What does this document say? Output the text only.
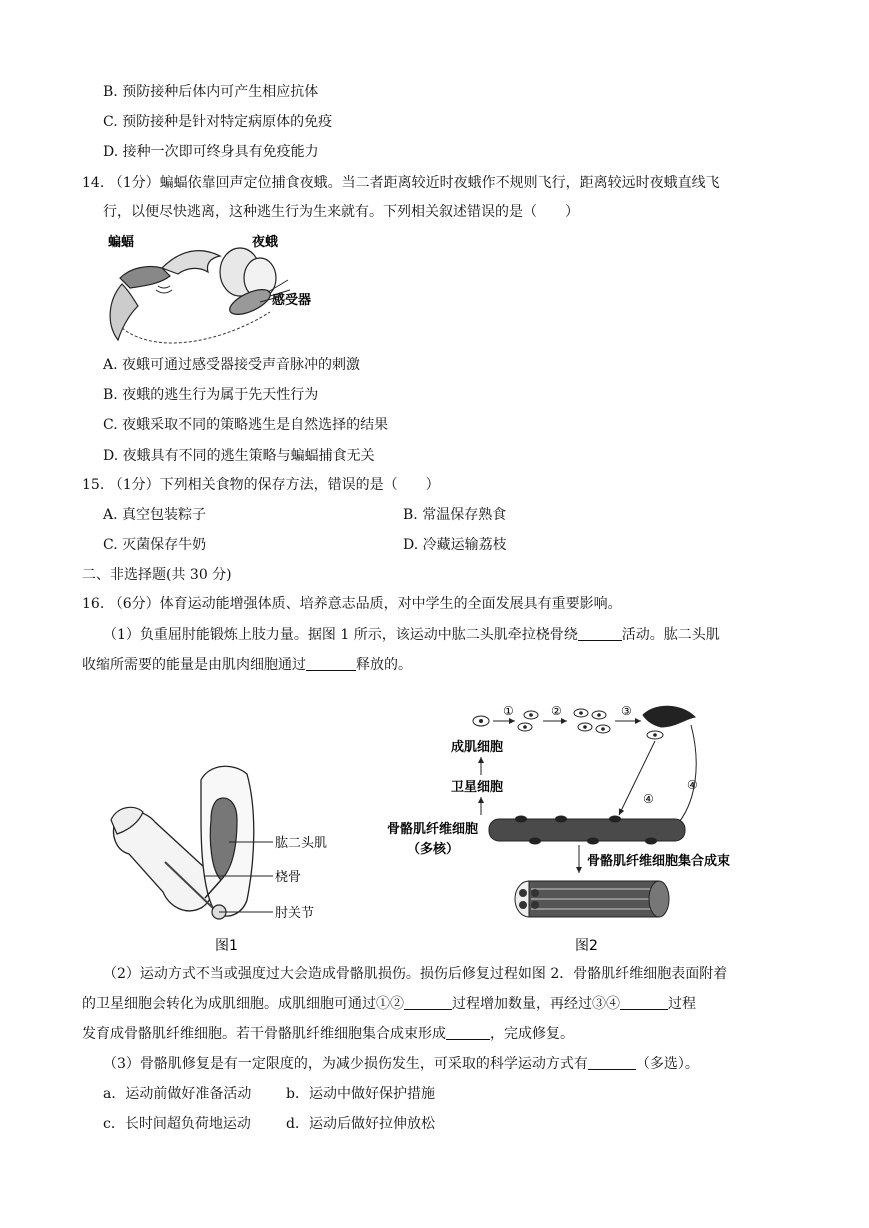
B. 预防接种后体内可产生相应抗体
C. 预防接种是针对特定病原体的免疫
D. 接种一次即可终身具有免疫能力
14. （1分）蝙蝠依靠回声定位捕食夜蛾。当二者距离较近时夜蛾作不规则飞行，距离较远时夜蛾直线飞
行，以便尽快逃离，这种逃生行为生来就有。下列相关叙述错误的是（　　）
蝙蝠	夜蛾
感受器
A. 夜蛾可通过感受器接受声音脉冲的刺激
B. 夜蛾的逃生行为属于先天性行为
C. 夜蛾采取不同的策略逃生是自然选择的结果
D. 夜蛾具有不同的逃生策略与蝙蝠捕食无关
15. （1分）下列相关食物的保存方法，错误的是（　　）
A. 真空包装粽子	B. 常温保存熟食
C. 灭菌保存牛奶	D. 冷藏运输荔枝
二、非选择题(共 30 分)
16. （6分）体育运动能增强体质、培养意志品质，对中学生的全面发展具有重要影响。
（1）负重屈肘能锻炼上肢力量。据图 1 所示，该运动中肱二头肌牵拉桡骨绕	活动。肱二头肌
收缩所需要的能量是由肌肉细胞通过	释放的。
肱二头肌
桡骨
肘关节
图1
①	②	③
成肌细胞
卫星细胞
④
④
骨骼肌纤维细胞
（多核）
骨骼肌纤维细胞集合成束
图2
（2）运动方式不当或强度过大会造成骨骼肌损伤。损伤后修复过程如图 2．骨骼肌纤维细胞表面附着
的卫星细胞会转化为成肌细胞。成肌细胞可通过①②	过程增加数量，再经过③④	过程
发育成骨骼肌纤维细胞。若干骨骼肌纤维细胞集合成束形成	，完成修复。
（3）骨骼肌修复是有一定限度的，为减少损伤发生，可采取的科学运动方式有	（多选）。
a．运动前做好准备活动 b．运动中做好保护措施
c．长时间超负荷地运动	d．运动后做好拉伸放松
